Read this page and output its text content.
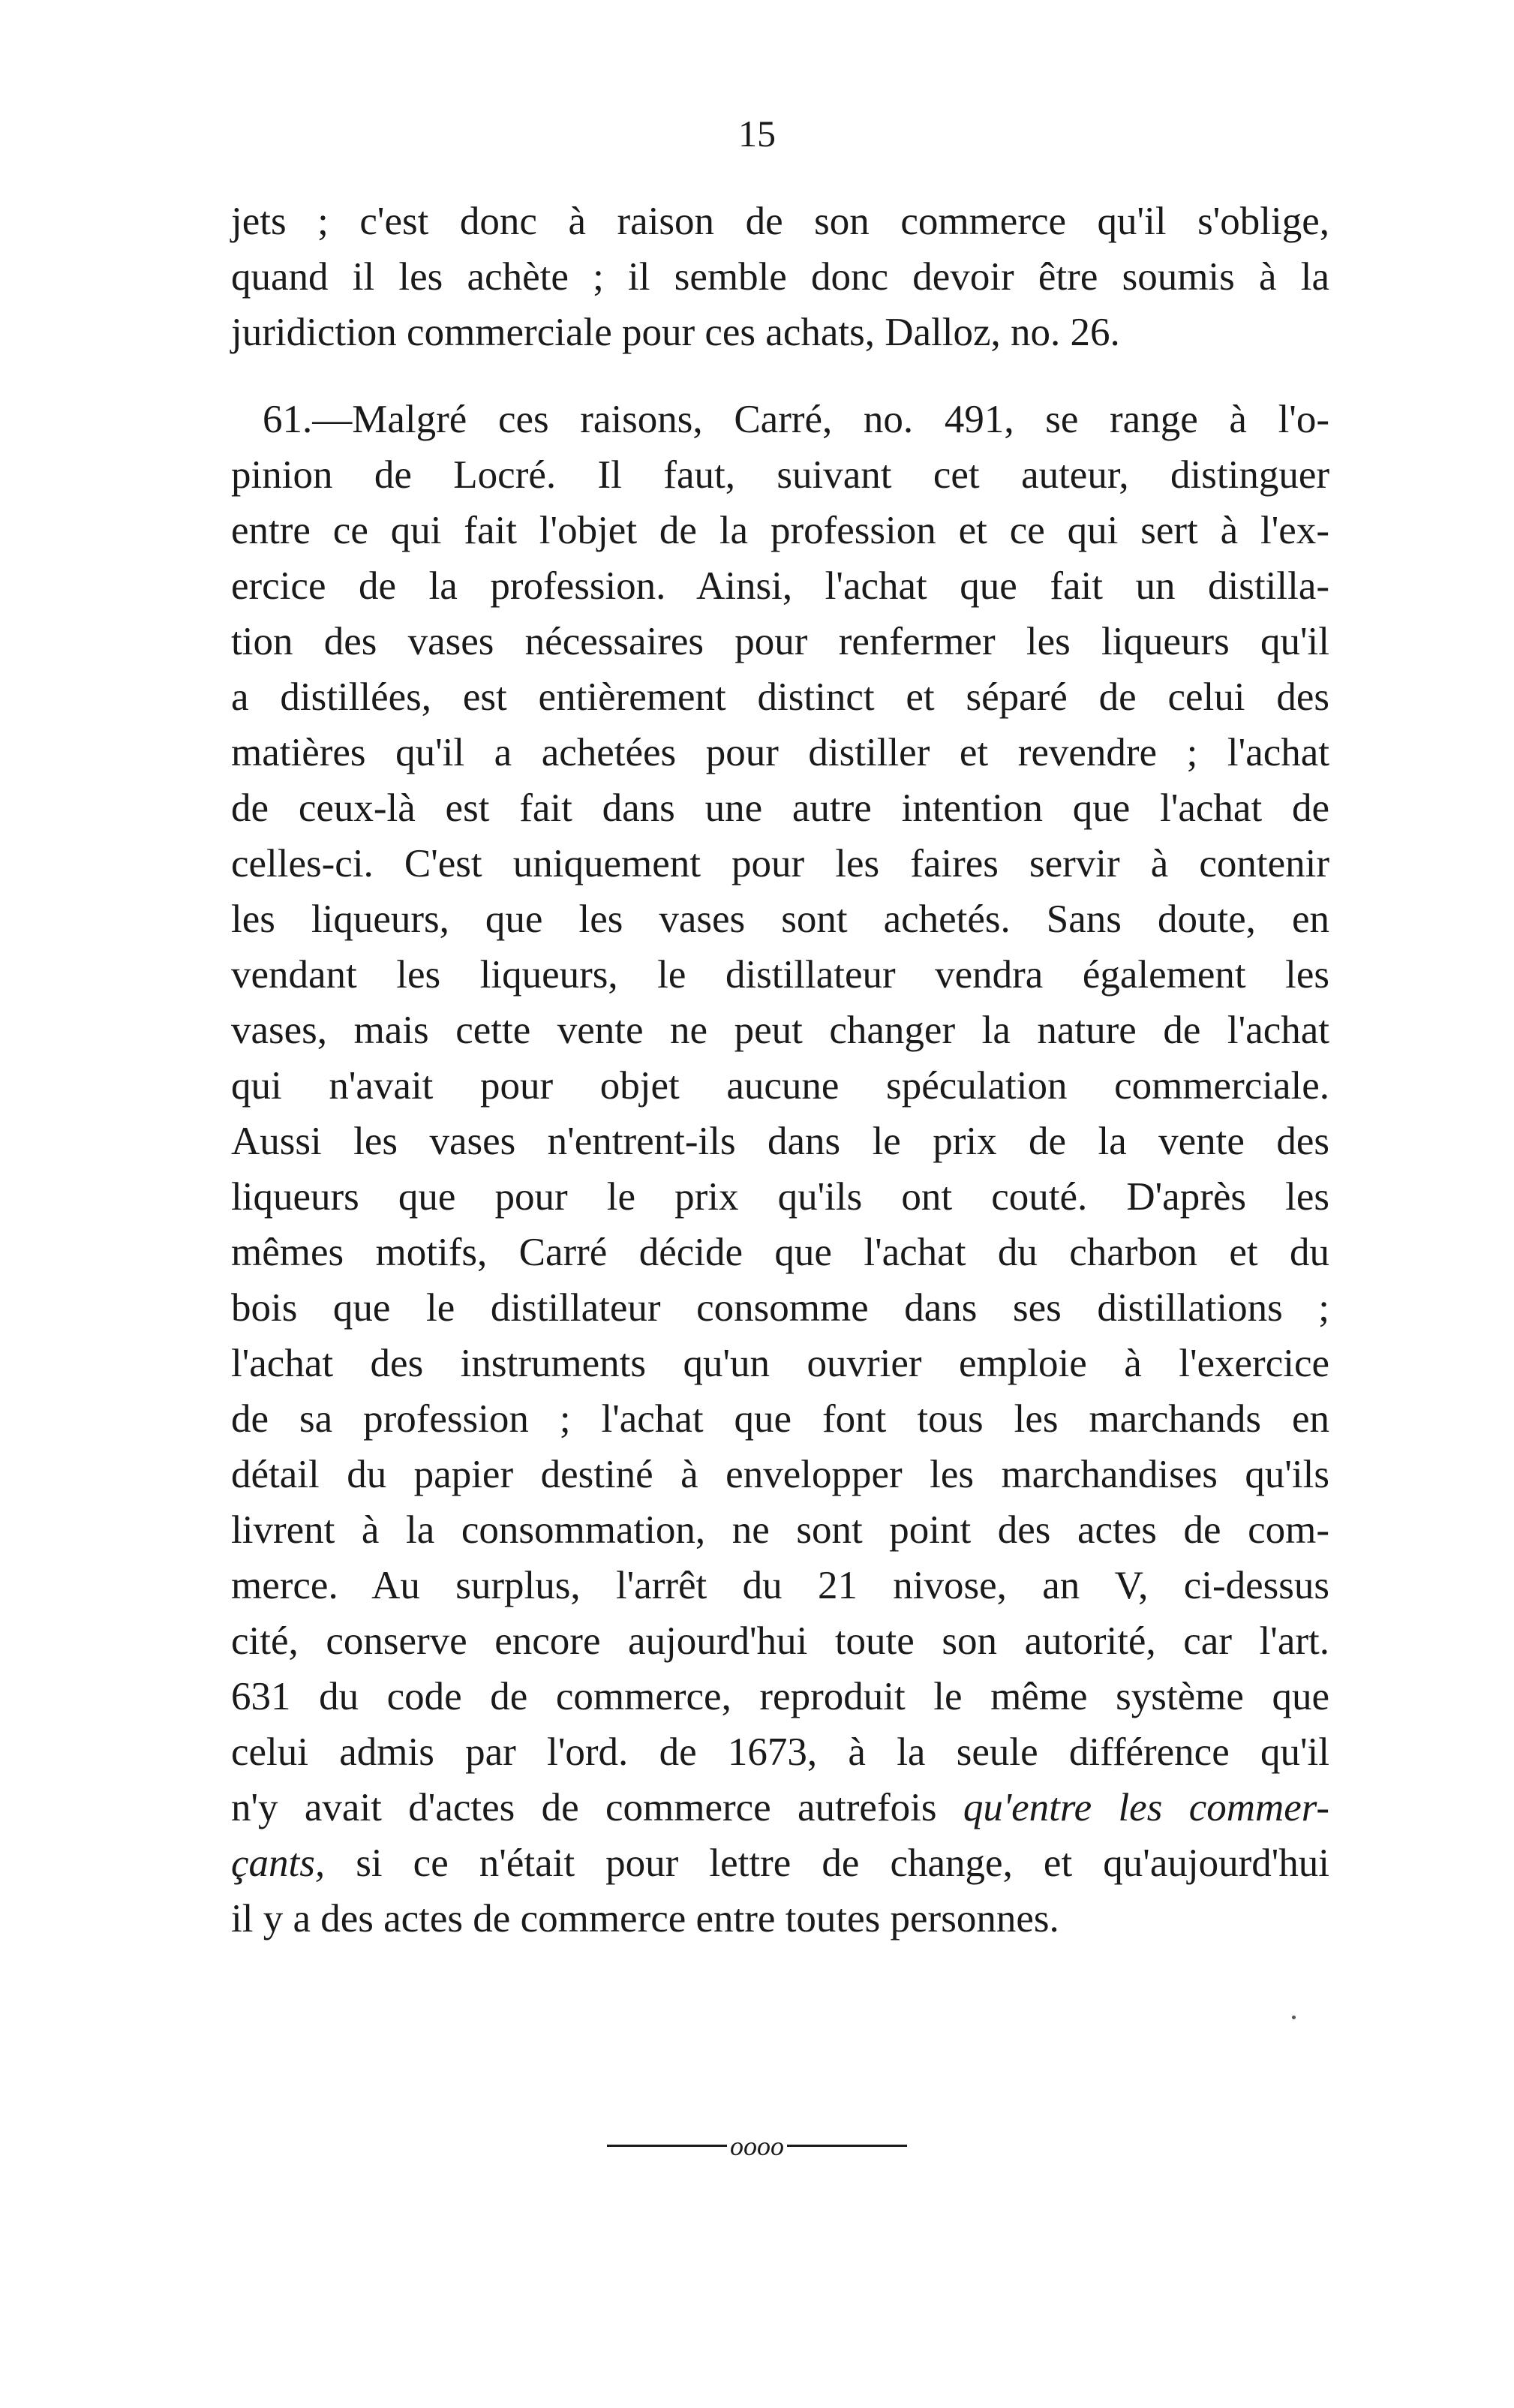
15
jets ; c'est donc à raison de son commerce qu'il s'oblige,
quand il les achète ; il semble donc devoir être soumis à la
juridiction commerciale pour ces achats, Dalloz, no. 26.
61.—Malgré ces raisons, Carré, no. 491, se range à l'o-
pinion de Locré. Il faut, suivant cet auteur, distinguer
entre ce qui fait l'objet de la profession et ce qui sert à l'ex-
ercice de la profession. Ainsi, l'achat que fait un distilla-
tion des vases nécessaires pour renfermer les liqueurs qu'il
a distillées, est entièrement distinct et séparé de celui des
matières qu'il a achetées pour distiller et revendre ; l'achat
de ceux-là est fait dans une autre intention que l'achat de
celles-ci. C'est uniquement pour les faires servir à contenir
les liqueurs, que les vases sont achetés. Sans doute, en
vendant les liqueurs, le distillateur vendra également les
vases, mais cette vente ne peut changer la nature de l'achat
qui n'avait pour objet aucune spéculation commerciale.
Aussi les vases n'entrent-ils dans le prix de la vente des
liqueurs que pour le prix qu'ils ont couté. D'après les
mêmes motifs, Carré décide que l'achat du charbon et du
bois que le distillateur consomme dans ses distillations ;
l'achat des instruments qu'un ouvrier emploie à l'exercice
de sa profession ; l'achat que font tous les marchands en
détail du papier destiné à envelopper les marchandises qu'ils
livrent à la consommation, ne sont point des actes de com-
merce. Au surplus, l'arrêt du 21 nivose, an V, ci-dessus
cité, conserve encore aujourd'hui toute son autorité, car l'art.
631 du code de commerce, reproduit le même système que
celui admis par l'ord. de 1673, à la seule différence qu'il
n'y avait d'actes de commerce autrefois qu'entre les commer-
çants, si ce n'était pour lettre de change, et qu'aujourd'hui
il y a des actes de commerce entre toutes personnes.
oooo
